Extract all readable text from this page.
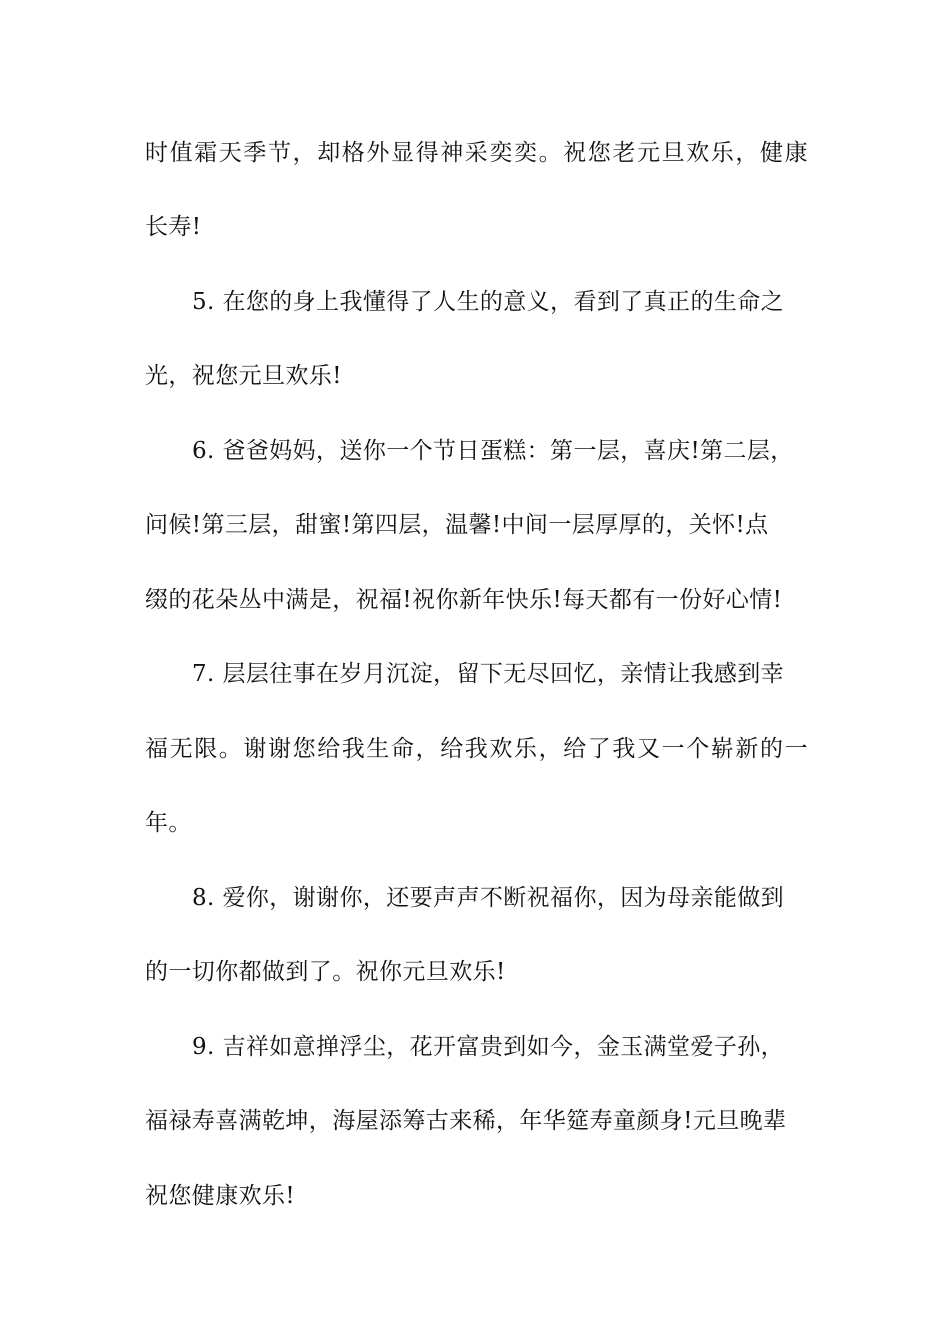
时值霜天季节，却格外显得神采奕奕。祝您老元旦欢乐，健康
长寿!
5. 在您的身上我懂得了人生的意义，看到了真正的生命之
光，祝您元旦欢乐!
6. 爸爸妈妈，送你一个节日蛋糕：第一层，喜庆!第二层，
问候!第三层，甜蜜!第四层，温馨!中间一层厚厚的，关怀!点
缀的花朵丛中满是，祝福!祝你新年快乐!每天都有一份好心情!
7. 层层往事在岁月沉淀，留下无尽回忆，亲情让我感到幸
福无限。谢谢您给我生命，给我欢乐，给了我又一个崭新的一
年。
8. 爱你，谢谢你，还要声声不断祝福你，因为母亲能做到
的一切你都做到了。祝你元旦欢乐!
9. 吉祥如意掸浮尘，花开富贵到如今，金玉满堂爱子孙，
福禄寿喜满乾坤，海屋添筹古来稀，年华筵寿童颜身!元旦晚辈
祝您健康欢乐!
